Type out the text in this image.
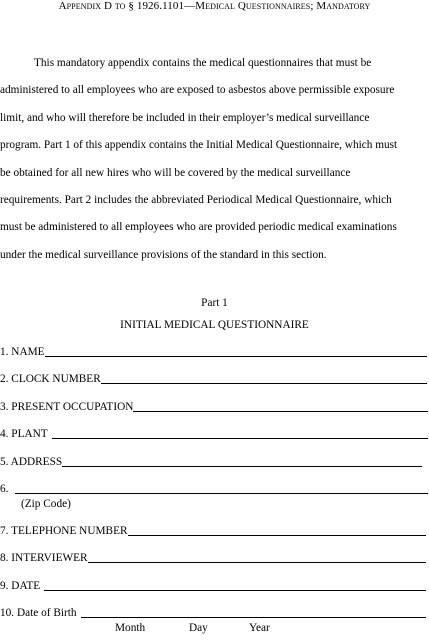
Appendix D to § 1926.1101—Medical Questionnaires; Mandatory
This mandatory appendix contains the medical questionnaires that must be
administered to all employees who are exposed to asbestos above permissible exposure
limit, and who will therefore be included in their employer’s medical surveillance
program. Part 1 of this appendix contains the Initial Medical Questionnaire, which must
be obtained for all new hires who will be covered by the medical surveillance
requirements. Part 2 includes the abbreviated Periodical Medical Questionnaire, which
must be administered to all employees who are provided periodic medical examinations
under the medical surveillance provisions of the standard in this section.
Part 1
INITIAL MEDICAL QUESTIONNAIRE
1. NAME
2. CLOCK NUMBER
3. PRESENT OCCUPATION
4. PLANT
5. ADDRESS
6.
(Zip Code)
7. TELEPHONE NUMBER
8. INTERVIEWER
9. DATE
10. Date of Birth
Month	Day	Year
